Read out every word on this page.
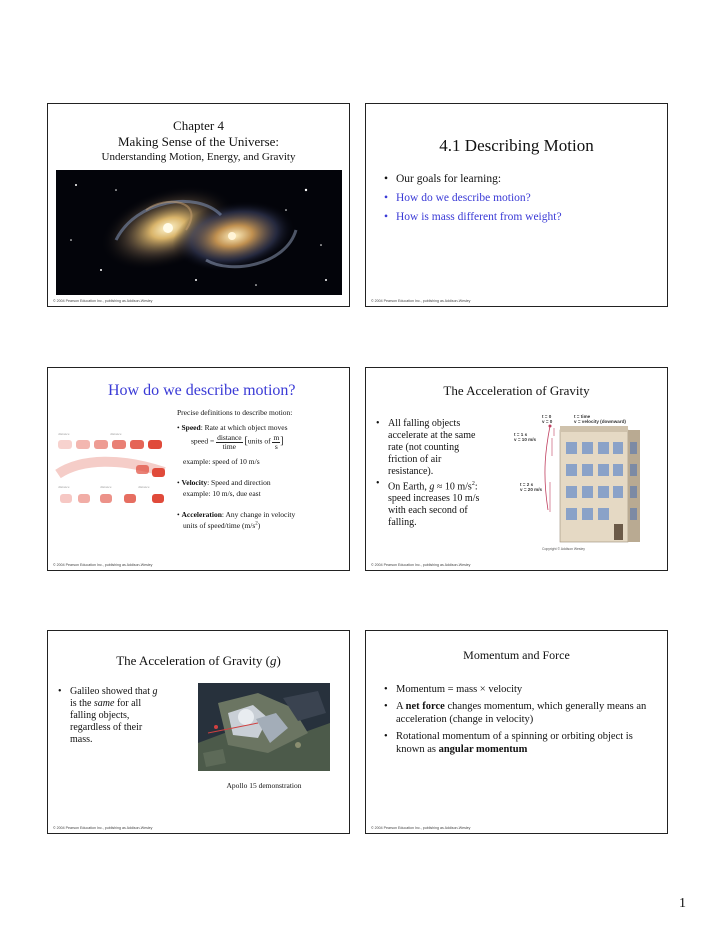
Chapter 4
Making Sense of the Universe:
Understanding Motion, Energy, and Gravity
© 2004 Pearson Education Inc., publishing as Addison-Wesley
4.1 Describing Motion
• Our goals for learning:
• How do we describe motion?
• How is mass different from weight?
© 2004 Pearson Education Inc., publishing as Addison-Wesley
How do we describe motion?
distance	distance
distance	distance	distance
Precise definitions to describe motion:
• Speed: Rate at which object moves
speed = $\frac{\text{distance}}{\text{time}}$ [units of $\frac{m}{s}$ ]
example: speed of 10 m/s
• Velocity: Speed and direction
example: 10 m/s, due east
• Acceleration: Any change in velocity
units of speed/time $(m/s^2)$
© 2004 Pearson Education Inc., publishing as Addison-Wesley
The Acceleration of Gravity
• All falling objects accelerate at the same rate (not counting friction of air resistance).
• On Earth, g ≈ 10 $m/s^2$: speed increases 10 m/s with each second of falling.
t = 0
v = 0
t = time
v = velocity (downward)
t = 1 s
v = 10 m/s
t = 2 s
v = 20 m/s
Copyright © Addison Wesley
© 2004 Pearson Education Inc., publishing as Addison-Wesley
The Acceleration of Gravity (g)
• Galileo showed that g is the same for all falling objects, regardless of their mass.
Apollo 15 demonstration
© 2004 Pearson Education Inc., publishing as Addison-Wesley
Momentum and Force
• Momentum = mass × velocity
• A net force changes momentum, which generally means an acceleration (change in velocity)
• Rotational momentum of a spinning or orbiting object is known as angular momentum
© 2004 Pearson Education Inc., publishing as Addison-Wesley
1
